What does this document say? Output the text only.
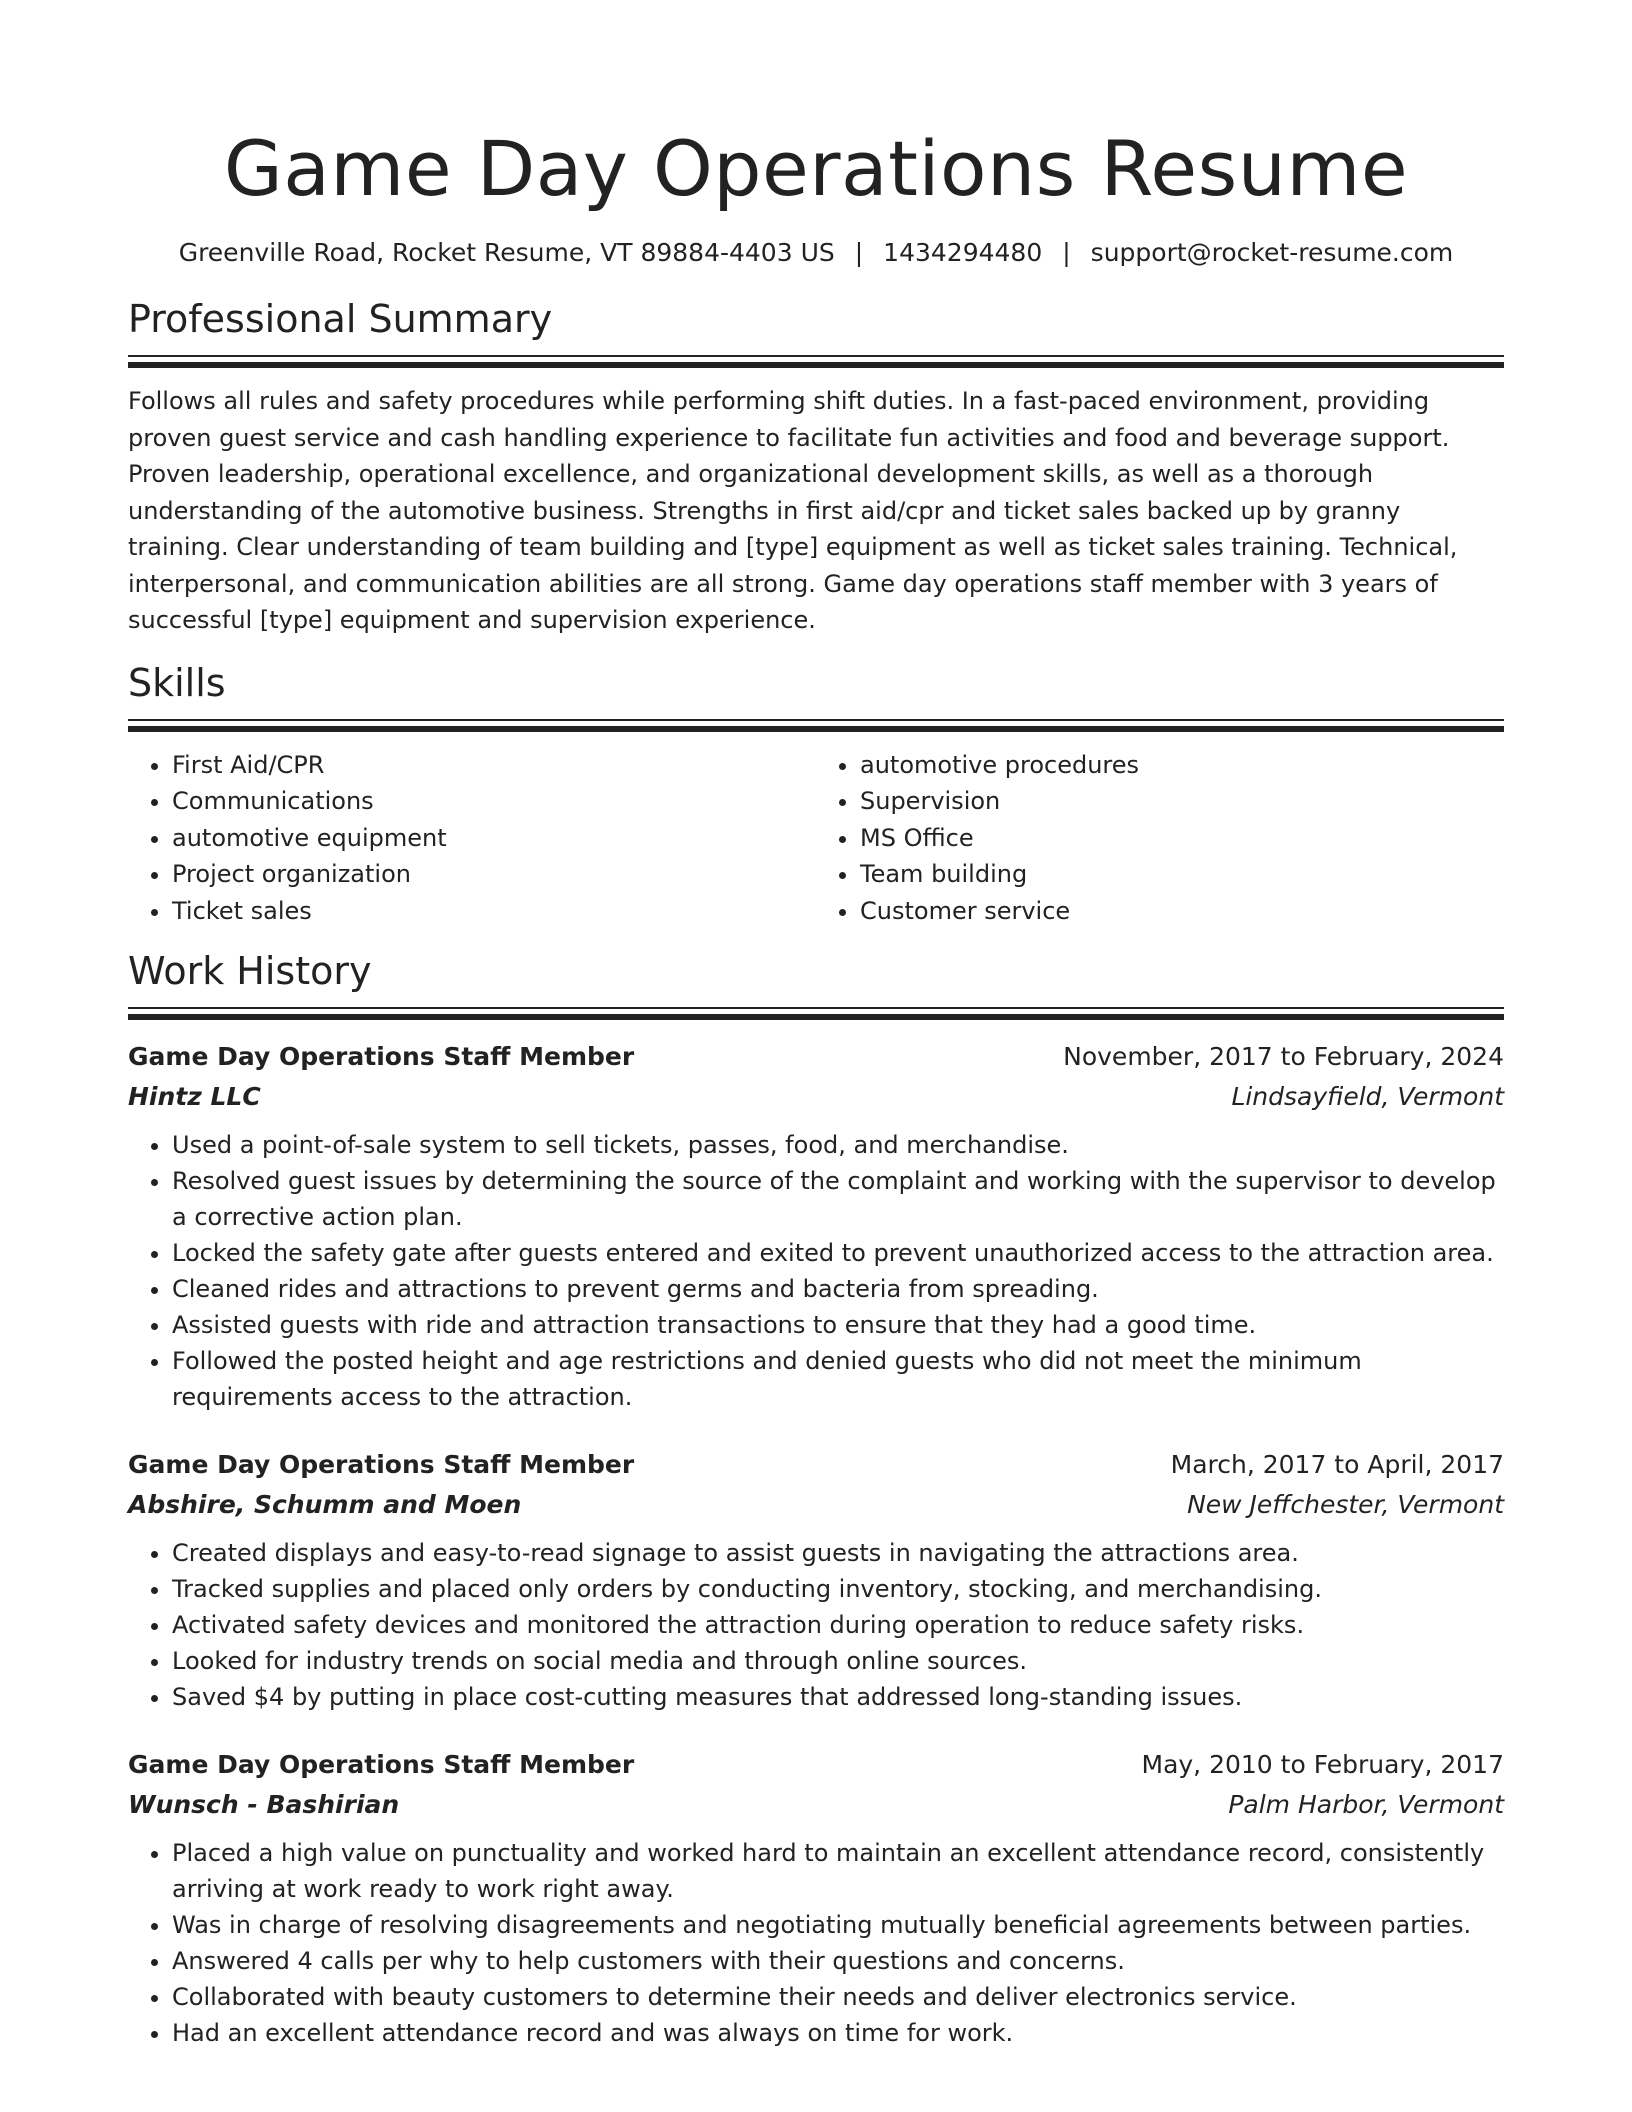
Game Day Operations Resume
Greenville Road, Rocket Resume, VT 89884-4403 US | 1434294480 | support@rocket-resume.com
Professional Summary

Follows all rules and safety procedures while performing shift duties. In a fast-paced environment, providing proven guest service and cash handling experience to facilitate fun activities and food and beverage support. Proven leadership, operational excellence, and organizational development skills, as well as a thorough understanding of the automotive business. Strengths in first aid/cpr and ticket sales backed up by granny training. Clear understanding of team building and [type] equipment as well as ticket sales training. Technical, interpersonal, and communication abilities are all strong. Game day operations staff member with 3 years of successful [type] equipment and supervision experience.

Skills
• First Aid/CPR
• Communications
• automotive equipment
• Project organization
• Ticket sales
• automotive procedures
• Supervision
• MS Office
• Team building
• Customer service
Work History
Game Day Operations Staff Member	November, 2017 to February, 2024
Hintz LLC	Lindsayfield, Vermont
• Used a point-of-sale system to sell tickets, passes, food, and merchandise.
• Resolved guest issues by determining the source of the complaint and working with the supervisor to develop a corrective action plan.
• Locked the safety gate after guests entered and exited to prevent unauthorized access to the attraction area.
• Cleaned rides and attractions to prevent germs and bacteria from spreading.
• Assisted guests with ride and attraction transactions to ensure that they had a good time.
• Followed the posted height and age restrictions and denied guests who did not meet the minimum requirements access to the attraction.
Game Day Operations Staff Member	March, 2017 to April, 2017
Abshire, Schumm and Moen	New Jeffchester, Vermont
• Created displays and easy-to-read signage to assist guests in navigating the attractions area.
• Tracked supplies and placed only orders by conducting inventory, stocking, and merchandising.
• Activated safety devices and monitored the attraction during operation to reduce safety risks.
• Looked for industry trends on social media and through online sources.
• Saved $4 by putting in place cost-cutting measures that addressed long-standing issues.
Game Day Operations Staff Member	May, 2010 to February, 2017
Wunsch - Bashirian	Palm Harbor, Vermont
• Placed a high value on punctuality and worked hard to maintain an excellent attendance record, consistently arriving at work ready to work right away.
• Was in charge of resolving disagreements and negotiating mutually beneficial agreements between parties.
• Answered 4 calls per why to help customers with their questions and concerns.
• Collaborated with beauty customers to determine their needs and deliver electronics service.
• Had an excellent attendance record and was always on time for work.
